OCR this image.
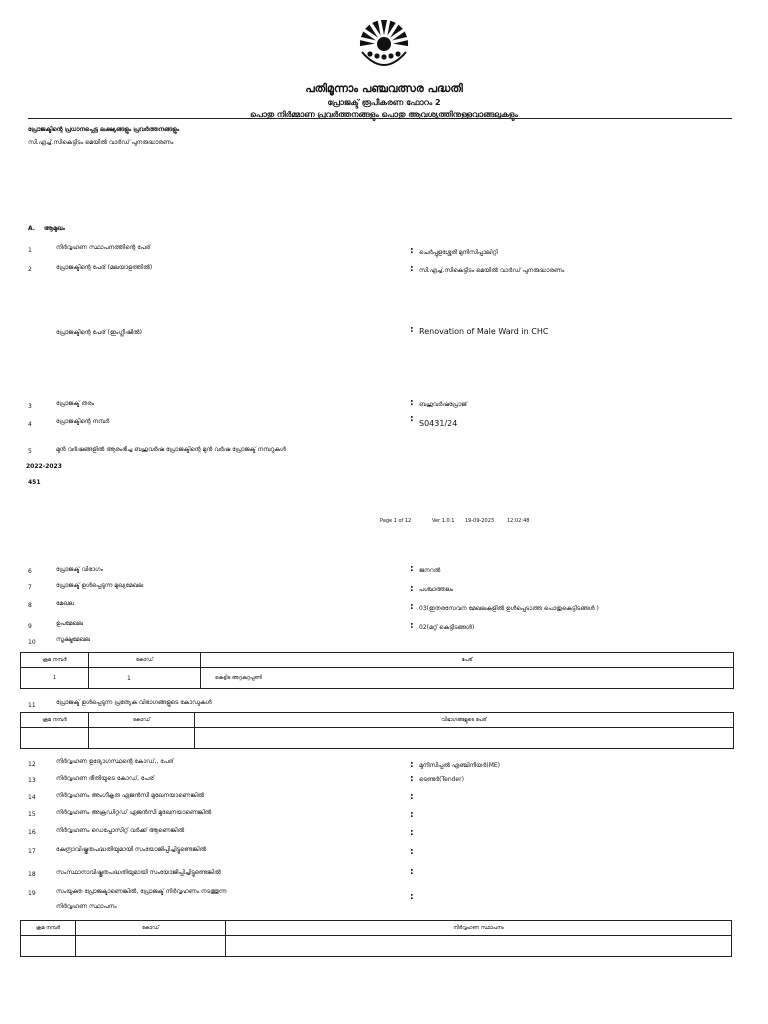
പതിമൂന്നാം പഞ്ചവത്സര പദ്ധതി
പ്രോജക്ട് രൂപീകരണ ഫോറം 2
പൊതു നിർമ്മാണ പ്രവർത്തനങ്ങളും പൊതു ആവശ്യത്തിനുള്ളവാങ്ങലുകളും
പ്രോജക്ടിന്റെ പ്രധാനപ്പെട്ട ലക്ഷ്യങ്ങളും പ്രവർത്തനങ്ങളും
സി.എച്ച്.സികെട്ടിടം മെയിൽ വാർഡ് പുനരുദ്ധാരണം
A. ആമുഖം
1	നിർവ്വഹണ സ്ഥാപനത്തിന്റെ പേര്	: ചെർപ്പുളശ്ശേരി മുനിസിപ്പാലിറ്റി
2	പ്രോജക്ടിന്റെ പേര് (മലയാളത്തിൽ)	: സി.എച്ച്.സികെട്ടിടം മെയിൽ വാർഡ് പുനരുദ്ധാരണം
പ്രോജക്ടിന്റെ പേര് (ഇംഗ്ലീഷിൽ)	: Renovation of Male Ward in CHC
3	പ്രോജക്ട് തരം	: ബഹുവർഷപ്രോജ്
4	പ്രോജക്ടിന്റെ നമ്പർ	: S0431/24
5	മുൻ വർഷങ്ങളിൽ ആരംഭിച്ച ബഹുവർഷ പ്രോജക്ടിന്റെ മുൻ വർഷ പ്രോജക്ട് നമ്പറുകൾ
2022-2023
451
Page 1 of 12	Ver 1.0.1 19-09-2023	12:02:48
6	പ്രോജക്ട് വിഭാഗം	: ജനറൽ
7	പ്രോജക്ട് ഉൾപ്പെടുന്ന മുഖ്യമേഖല	: പശ്ചാത്തലം
8	മേഖല	: 03(ഇതരസേവന മേഖലകളിൽ ഉൾപ്പെടാത്ത പൊതുകെട്ടിടങ്ങൾ )
9	ഉപമേഖല	: 02(മറ്റ് കെട്ടിടങ്ങൾ)
10	സൂക്ഷ്മമേഖല
ക്രമ നമ്പർ	കോഡ്	പേര്
1	1	കെട്ടിട അറ്റകുറ്റപ്പണി
11	പ്രോജക്ട് ഉൾപ്പെടുന്ന പ്രത്യേക വിഭാഗങ്ങളുടെ കോഡുകൾ
ക്രമ നമ്പർ	കോഡ്	വിഭാഗങ്ങളുടെ പേര്

12	നിർവ്വഹണ ഉദ്യോഗസ്ഥന്റെ കോഡ്,, പേര്	: മുനിസിപ്പൽ എഞ്ചിനീയർ(ME)
13	നിർവ്വഹണ രീതിയുടെ കോഡ്, പേര്	: ടെണ്ടർ(Tender)
14	നിർവ്വഹണം അംഗീകൃത ഏജൻസി മുഖേനയാണെങ്കിൽ	:
15	നിർവ്വഹണം അക്രഡിറ്റഡ് ഏജൻസി മുഖേനയാണെങ്കിൽ	:
16	നിർവ്വഹണം ഡെപ്പോസിറ്റ് വർക്ക് ആണെങ്കിൽ	:
17	കേന്ദ്രാവിഷ്കൃതപദ്ധതിയുമായി സംയോജിപ്പിച്ചിട്ടുണ്ടെങ്കിൽ	:
18	സംസ്ഥാനാവിഷ്കൃതപദ്ധതിയുമായി സംയോജിപ്പിച്ചിട്ടുണ്ടെങ്കിൽ	:
19	സംയുക്ത പ്രോജക്ടാണെങ്കിൽ, പ്രോജക്ട് നിർവ്വഹണം നടത്തുന്ന
നിർവ്വഹണ സ്ഥാപനം
:
ക്രമ നമ്പർ	കോഡ്	നിർവ്വഹണ സ്ഥാപനം
